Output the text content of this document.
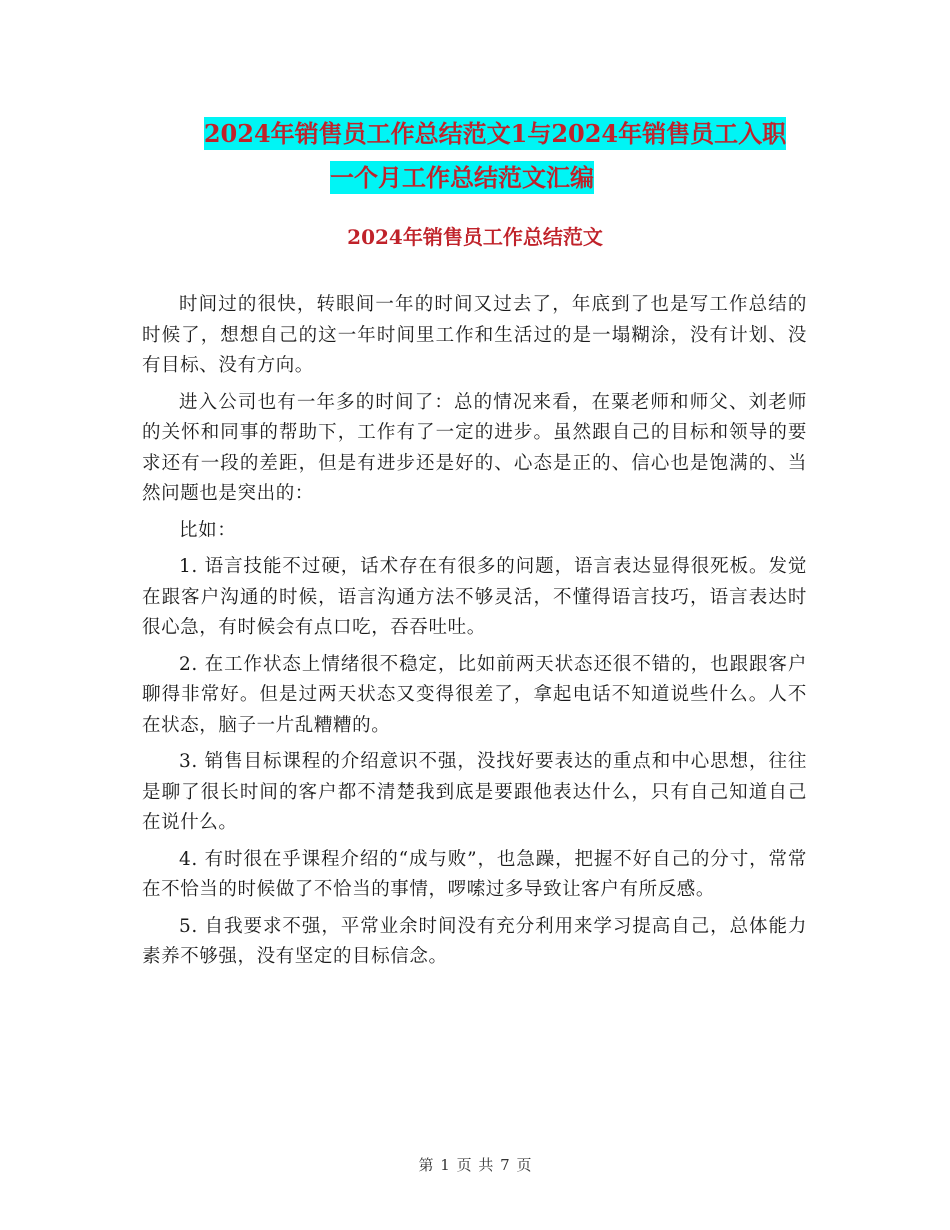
2024年销售员工作总结范文1与2024年销售员工入职
一个月工作总结范文汇编
2024年销售员工作总结范文

时间过的很快，转眼间一年的时间又过去了，年底到了也是写工作总结的时候了，想想自己的这一年时间里工作和生活过的是一塌糊涂，没有计划、没有目标、没有方向。

进入公司也有一年多的时间了：总的情况来看，在粟老师和师父、刘老师的关怀和同事的帮助下，工作有了一定的进步。虽然跟自己的目标和领导的要求还有一段的差距，但是有进步还是好的、心态是正的、信心也是饱满的、当然问题也是突出的：

比如：

1. 语言技能不过硬，话术存在有很多的问题，语言表达显得很死板。发觉在跟客户沟通的时候，语言沟通方法不够灵活，不懂得语言技巧，语言表达时很心急，有时候会有点口吃，吞吞吐吐。

2. 在工作状态上情绪很不稳定，比如前两天状态还很不错的，也跟跟客户聊得非常好。但是过两天状态又变得很差了，拿起电话不知道说些什么。人不在状态，脑子一片乱糟糟的。

3. 销售目标课程的介绍意识不强，没找好要表达的重点和中心思想，往往是聊了很长时间的客户都不清楚我到底是要跟他表达什么，只有自己知道自己在说什么。

4. 有时很在乎课程介绍的“成与败”，也急躁，把握不好自己的分寸，常常在不恰当的时候做了不恰当的事情，啰嗦过多导致让客户有所反感。

5. 自我要求不强，平常业余时间没有充分利用来学习提高自己，总体能力素养不够强，没有坚定的目标信念。

第 1 页 共 7 页
